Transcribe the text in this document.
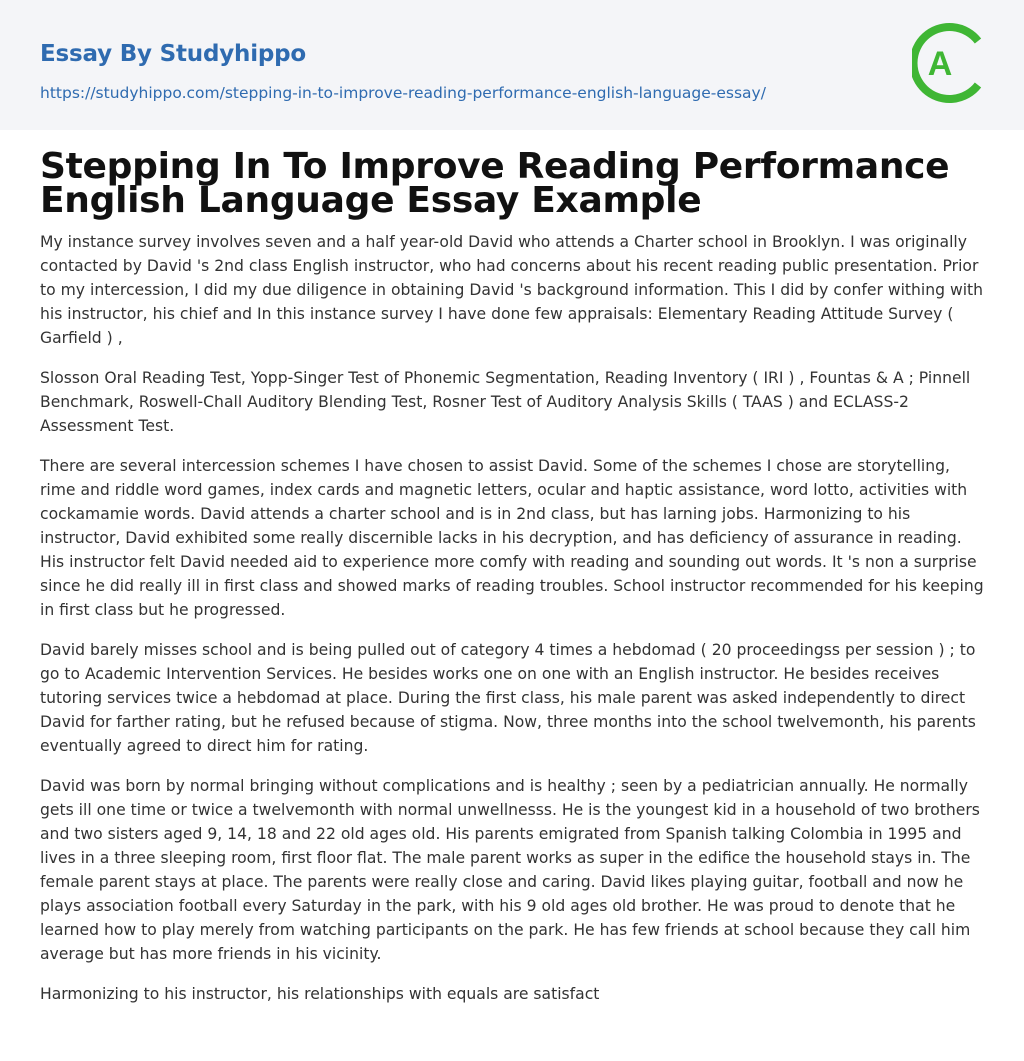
Essay By Studyhippo
https://studyhippo.com/stepping-in-to-improve-reading-performance-english-language-essay/
A
Stepping In To Improve Reading Performance English Language Essay Example

My instance survey involves seven and a half year-old David who attends a Charter school in Brooklyn. I was originally contacted by David 's 2nd class English instructor, who had concerns about his recent reading public presentation. Prior to my intercession, I did my due diligence in obtaining David 's background information. This I did by confer withing with his instructor, his chief and In this instance survey I have done few appraisals: Elementary Reading Attitude Survey ( Garfield ) ,

Slosson Oral Reading Test, Yopp-Singer Test of Phonemic Segmentation, Reading Inventory ( IRI ) , Fountas & A ; Pinnell Benchmark, Roswell-Chall Auditory Blending Test, Rosner Test of Auditory Analysis Skills ( TAAS ) and ECLASS-2 Assessment Test.

There are several intercession schemes I have chosen to assist David. Some of the schemes I chose are storytelling, rime and riddle word games, index cards and magnetic letters, ocular and haptic assistance, word lotto, activities with cockamamie words. David attends a charter school and is in 2nd class, but has larning jobs. Harmonizing to his instructor, David exhibited some really discernible lacks in his decryption, and has deficiency of assurance in reading. His instructor felt David needed aid to experience more comfy with reading and sounding out words. It 's non a surprise since he did really ill in first class and showed marks of reading troubles. School instructor recommended for his keeping in first class but he progressed.

David barely misses school and is being pulled out of category 4 times a hebdomad ( 20 proceedingss per session ) ; to go to Academic Intervention Services. He besides works one on one with an English instructor. He besides receives tutoring services twice a hebdomad at place. During the first class, his male parent was asked independently to direct David for farther rating, but he refused because of stigma. Now, three months into the school twelvemonth, his parents eventually agreed to direct him for rating.

David was born by normal bringing without complications and is healthy ; seen by a pediatrician annually. He normally gets ill one time or twice a twelvemonth with normal unwellnesss. He is the youngest kid in a household of two brothers and two sisters aged 9, 14, 18 and 22 old ages old. His parents emigrated from Spanish talking Colombia in 1995 and lives in a three sleeping room, first floor flat. The male parent works as super in the edifice the household stays in. The female parent stays at place. The parents were really close and caring. David likes playing guitar, football and now he plays association football every Saturday in the park, with his 9 old ages old brother. He was proud to denote that he learned how to play merely from watching participants on the park. He has few friends at school because they call him average but has more friends in his vicinity.

Harmonizing to his instructor, his relationships with equals are satisfact
